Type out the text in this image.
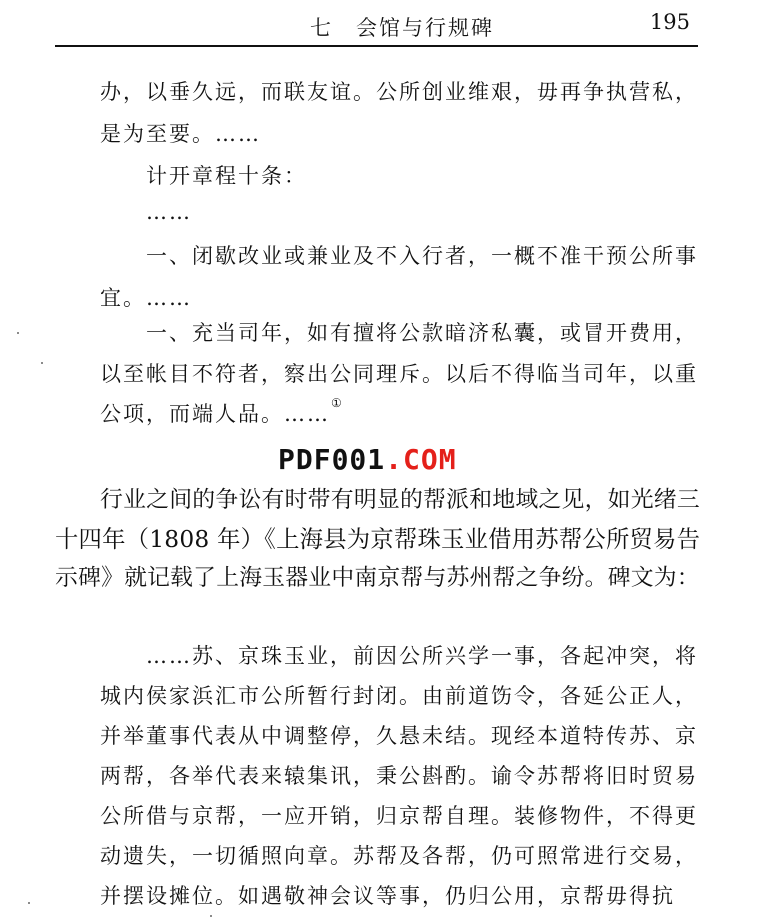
七　会馆与行规碑	195
办，以垂久远，而联友谊。公所创业维艰，毋再争执营私，
是为至要。……
计开章程十条：
……
一、闭歇改业或兼业及不入行者，一概不准干预公所事
宜。……
一、充当司年，如有擅将公款暗济私囊，或冒开费用，
以至帐目不符者，察出公同理斥。以后不得临当司年，以重
公项，而端人品。……①
PDF001.COM
行业之间的争讼有时带有明显的帮派和地域之见，如光绪三
十四年（1808 年）《上海县为京帮珠玉业借用苏帮公所贸易告
示碑》就记载了上海玉器业中南京帮与苏州帮之争纷。碑文为：
……苏、京珠玉业，前因公所兴学一事，各起冲突，将
城内侯家浜汇市公所暂行封闭。由前道饬令，各延公正人，
并举董事代表从中调整停，久悬未结。现经本道特传苏、京
两帮，各举代表来辕集讯，秉公斟酌。谕令苏帮将旧时贸易
公所借与京帮，一应开销，归京帮自理。装修物件，不得更
动遗失，一切循照向章。苏帮及各帮，仍可照常进行交易，
并摆设摊位。如遇敬神会议等事，仍归公用，京帮毋得抗
